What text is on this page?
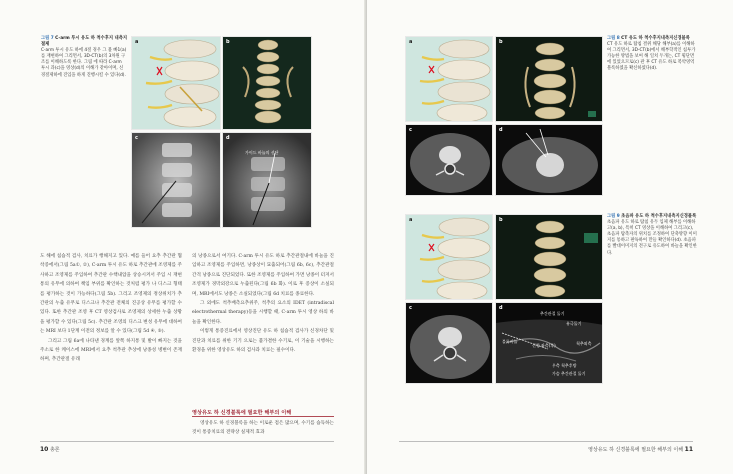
그림 7 C-arm 투시 유도 하 척수후지 내측지절제

C-arm 투시 유도 하에 4절 경우 그 불 빠1(a)를 재현하여 그리면서, 3D-CT(b)의 3차원 구조를 이해하도록 한다. 그림 에 따라 C-arm 투시 과(c)을 영상(d)의 이해가 같아이며, 신경절제하에 진입을 하게 진행시킬 수 있다(d).

a	b
c	d
가이드 바늘의 선단

도 해에 침습적 검사, 치료가 행해지고 있다. 예를 들어 요추 추간관 협착증에서(그림 5a①, ②), C-arm 투시 유도 하로 추간관에 조영제를 주사하고 조영제를 주입하여 추간관 수핵내압을 상승시켜서 주입 시 재현통의 유무에 의하여 책임 부위를 확인하는 것처럼 평가 나 디스크 형태를 평가하는 것이 가능하다(그림 5b). 그리고 조영제의 정상위치가 추간관의 누출 유무로 디스크나 추간관 전체의 진공상 유무를 평가할 수 있다. 또한 추간관 조영 후 CT 영상검사로 조영제의 상세한 누출 상황을 평가할 수 있다(그림 5c). 추간관 조영의 디스크 변성 유무에 대하여는 MRI 보다 1단계 이전의 정보를 알 수 있다(그림 5d ④, ⑤).

그리고 그림 6a에 나타낸 경계를 앞쪽 하지통 및 발이 빠지는 것을 주소로 한 케이스에 MRI에서 요추 척추관 추상에 낭종성 병변이 존재하며, 추간관절 유래

의 낭종으로서 여기다. C-arm 투시 유도 하로 추간관절내에 바늘을 진입하고 조영제를 주입하면, 낭종상이 묘출되어(그림 6b, 6c), 추간관절 간격 낭종으로 진단되었다. 또한 조영제를 주입하여 가면 낭종이 터져서 조영제가 경막외강으로 누출된다(그림 6b 화). 이로 후 증상이 소실되며, MRI에서도 낭종은 소실되었다(그림 6d 치료를 종료한다.

그 외에도 척추배측요추위주, 척추의 요소의 IDET (intradiscal electrothermal therapy)등을 시행할 때, C-arm 투시 영상 하의 바늘을 확인한다.

이렇게 통증진료에서 영상진단 유도 하 침습적 검사가 신경차단 및 진단과 치료를 위한 기기 으로는 불가결한 수기로, 이 기술을 시행하는 환경을 위한 영상유도 하의 검사과 치료는 필수이다.

영상유도 하 신경블록에 필요한 해부의 이해

영상유도 하 신경블록을 하는 이로운 점은 많으며, 수기를 습득하는 것이 통증치료의 전략상 실제적 효과

10 총론
a	b
c	d

그림 8 CT 유도 하 척수후지내측지신경블록

CT 유도 하로 탐침 결위 해당 해부(a)를 이해하여 그리면서, 3D-CT(b)에서 해부학적인 침투가 가능한 방법을 보여 해 일치 두개는, CT 횡단면에 있었으므로(c) 관 후 CT 유도 하로 복약영역 블록하였을 확신하였다(d).

a	b
c	d
추간관절 돌기
유극돌기
블록바늘
신경 좌측(후)	척추외측
우측 척추후방
가슴 추간관절 돌기

그림 9 초음파 유도 하 척수후지내측지신경블록

초음파 유도 하로 탐침 유두 입체 해부를 이해하고(a, b), 특히 CT 영상을 이해하여 그리고(c), 초음파 탐촉자의 위치를 조정하여 단축방향 이미지를 통하고 판독하여 만들 확인하다(d). 초음파를 빨대이미지의 전구로 유도하여 바늘을 확인한다.

영상유도 하 신경블록에 필요한 해부의 이해 11
